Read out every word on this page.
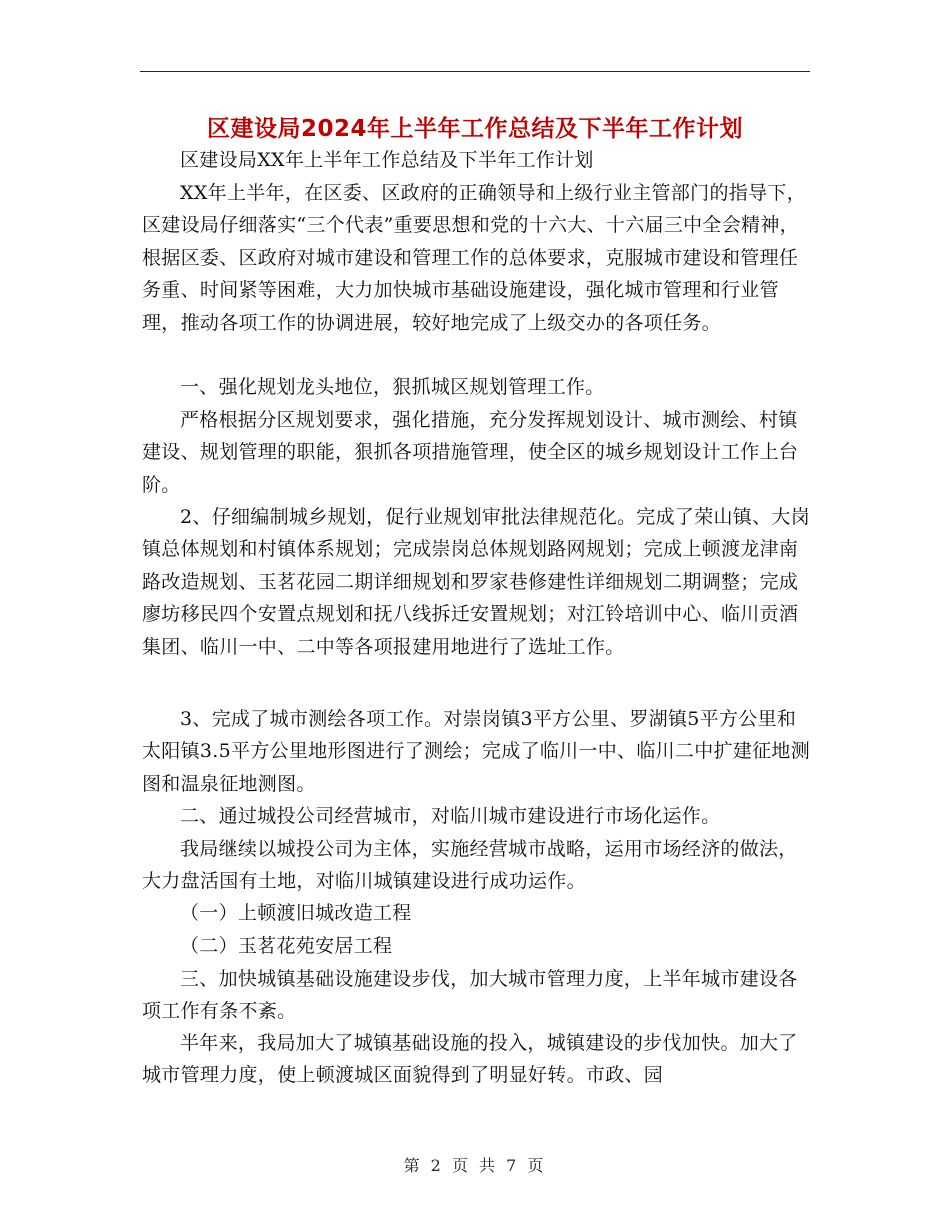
区建设局2024年上半年工作总结及下半年工作计划

区建设局XX年上半年工作总结及下半年工作计划

XX年上半年，在区委、区政府的正确领导和上级行业主管部门的指导下，区建设局仔细落实“三个代表”重要思想和党的十六大、十六届三中全会精神，根据区委、区政府对城市建设和管理工作的总体要求，克服城市建设和管理任务重、时间紧等困难，大力加快城市基础设施建设，强化城市管理和行业管理，推动各项工作的协调进展，较好地完成了上级交办的各项任务。

一、强化规划龙头地位，狠抓城区规划管理工作。

严格根据分区规划要求，强化措施，充分发挥规划设计、城市测绘、村镇建设、规划管理的职能，狠抓各项措施管理，使全区的城乡规划设计工作上台阶。

2、仔细编制城乡规划，促行业规划审批法律规范化。完成了荣山镇、大岗镇总体规划和村镇体系规划；完成崇岗总体规划路网规划；完成上顿渡龙津南路改造规划、玉茗花园二期详细规划和罗家巷修建性详细规划二期调整；完成廖坊移民四个安置点规划和抚八线拆迁安置规划；对江铃培训中心、临川贡酒集团、临川一中、二中等各项报建用地进行了选址工作。

3、完成了城市测绘各项工作。对崇岗镇3平方公里、罗湖镇5平方公里和太阳镇3.5平方公里地形图进行了测绘；完成了临川一中、临川二中扩建征地测图和温泉征地测图。

二、通过城投公司经营城市，对临川城市建设进行市场化运作。

我局继续以城投公司为主体，实施经营城市战略，运用市场经济的做法，大力盘活国有土地，对临川城镇建设进行成功运作。

（一）上顿渡旧城改造工程

（二）玉茗花苑安居工程

三、加快城镇基础设施建设步伐，加大城市管理力度，上半年城市建设各项工作有条不紊。

半年来，我局加大了城镇基础设施的投入，城镇建设的步伐加快。加大了城市管理力度，使上顿渡城区面貌得到了明显好转。市政、园

第 2 页 共 7 页
